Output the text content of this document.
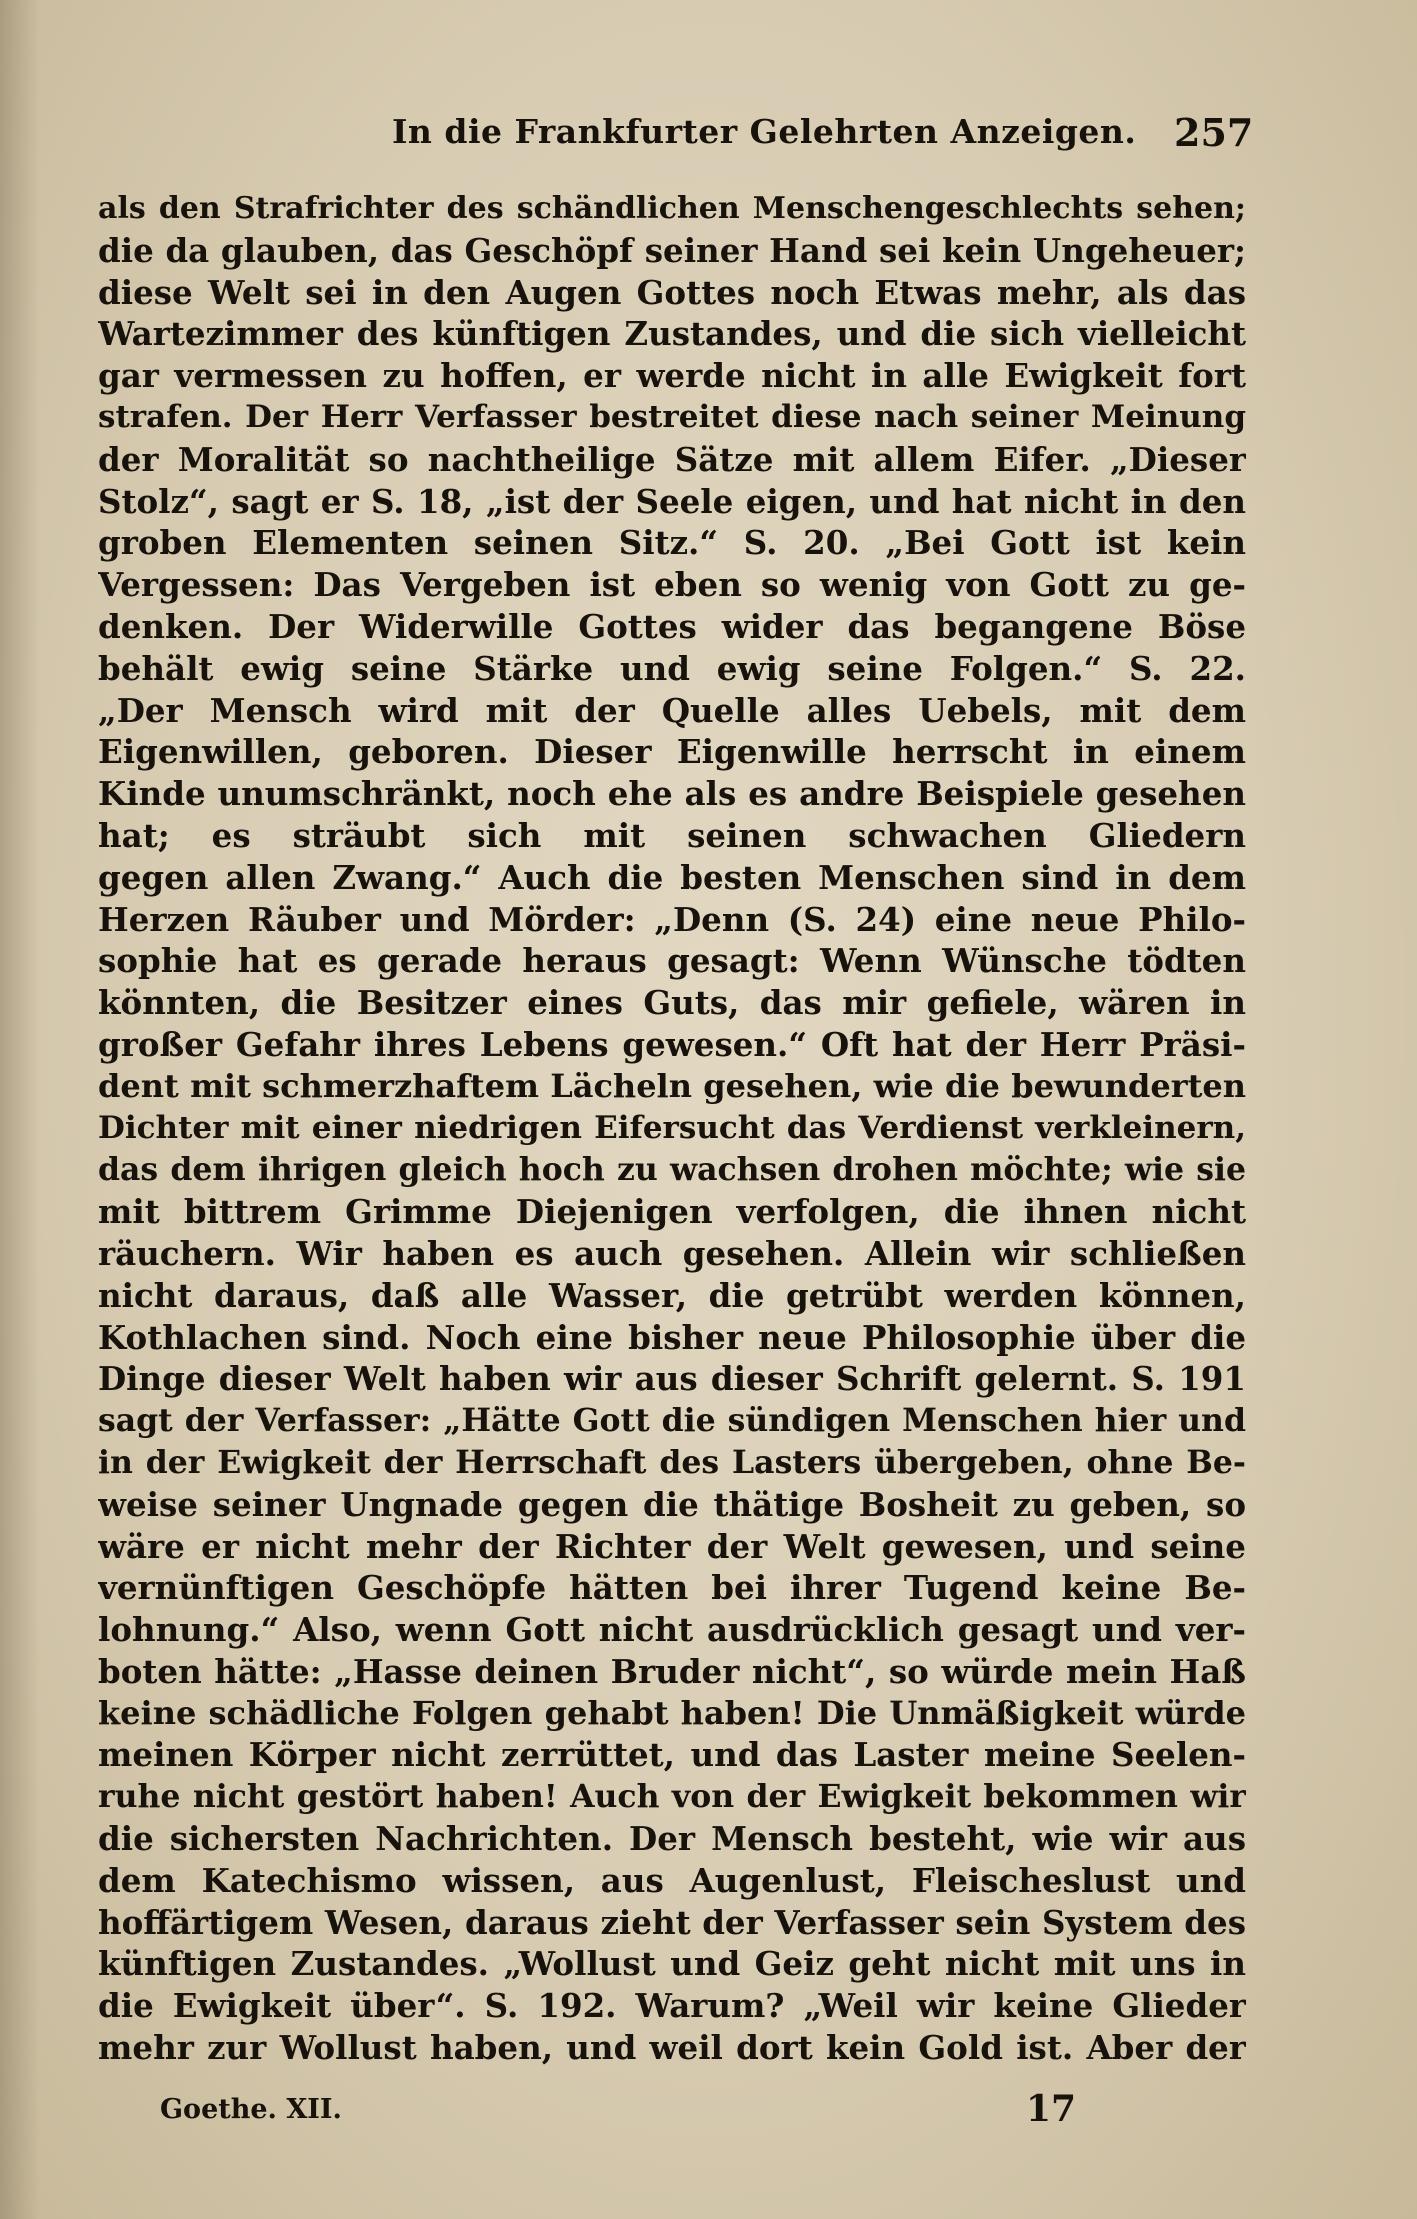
In die Frankfurter Gelehrten Anzeigen. 257
als den Strafrichter des schändlichen Menschengeschlechts sehen;
die da glauben, das Geschöpf seiner Hand sei kein Ungeheuer;
diese Welt sei in den Augen Gottes noch Etwas mehr, als das
Wartezimmer des künftigen Zustandes, und die sich vielleicht
gar vermessen zu hoffen, er werde nicht in alle Ewigkeit fort
strafen. Der Herr Verfasser bestreitet diese nach seiner Meinung
der Moralität so nachtheilige Sätze mit allem Eifer. „Dieser
Stolz“, sagt er S. 18, „ist der Seele eigen, und hat nicht in den
groben Elementen seinen Sitz.“ S. 20. „Bei Gott ist kein
Vergessen: Das Vergeben ist eben so wenig von Gott zu ge-
denken. Der Widerwille Gottes wider das begangene Böse
behält ewig seine Stärke und ewig seine Folgen.“ S. 22.
„Der Mensch wird mit der Quelle alles Uebels, mit dem
Eigenwillen, geboren. Dieser Eigenwille herrscht in einem
Kinde unumschränkt, noch ehe als es andre Beispiele gesehen
hat; es sträubt sich mit seinen schwachen Gliedern
gegen allen Zwang.“ Auch die besten Menschen sind in dem
Herzen Räuber und Mörder: „Denn (S. 24) eine neue Philo-
sophie hat es gerade heraus gesagt: Wenn Wünsche tödten
könnten, die Besitzer eines Guts, das mir gefiele, wären in
großer Gefahr ihres Lebens gewesen.“ Oft hat der Herr Präsi-
dent mit schmerzhaftem Lächeln gesehen, wie die bewunderten
Dichter mit einer niedrigen Eifersucht das Verdienst verkleinern,
das dem ihrigen gleich hoch zu wachsen drohen möchte; wie sie
mit bittrem Grimme Diejenigen verfolgen, die ihnen nicht
räuchern. Wir haben es auch gesehen. Allein wir schließen
nicht daraus, daß alle Wasser, die getrübt werden können,
Kothlachen sind. Noch eine bisher neue Philosophie über die
Dinge dieser Welt haben wir aus dieser Schrift gelernt. S. 191
sagt der Verfasser: „Hätte Gott die sündigen Menschen hier und
in der Ewigkeit der Herrschaft des Lasters übergeben, ohne Be-
weise seiner Ungnade gegen die thätige Bosheit zu geben, so
wäre er nicht mehr der Richter der Welt gewesen, und seine
vernünftigen Geschöpfe hätten bei ihrer Tugend keine Be-
lohnung.“ Also, wenn Gott nicht ausdrücklich gesagt und ver-
boten hätte: „Hasse deinen Bruder nicht“, so würde mein Haß
keine schädliche Folgen gehabt haben! Die Unmäßigkeit würde
meinen Körper nicht zerrüttet, und das Laster meine Seelen-
ruhe nicht gestört haben! Auch von der Ewigkeit bekommen wir
die sichersten Nachrichten. Der Mensch besteht, wie wir aus
dem Katechismo wissen, aus Augenlust, Fleischeslust und
hoffärtigem Wesen, daraus zieht der Verfasser sein System des
künftigen Zustandes. „Wollust und Geiz geht nicht mit uns in
die Ewigkeit über“. S. 192. Warum? „Weil wir keine Glieder
mehr zur Wollust haben, und weil dort kein Gold ist. Aber der
Goethe. XII.	17
